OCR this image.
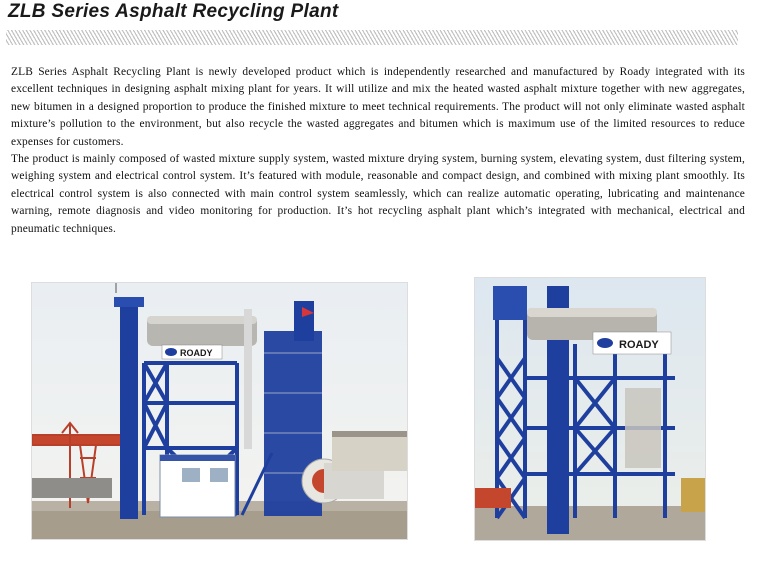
ZLB Series Asphalt Recycling Plant

ZLB Series Asphalt Recycling Plant is newly developed product which is independently researched and manufactured by Roady integrated with its excellent techniques in designing asphalt mixing plant for years. It will utilize and mix the heated wasted asphalt mixture together with new aggregates, new bitumen in a designed proportion to produce the finished mixture to meet technical requirements. The product will not only eliminate wasted asphalt mixture’s pollution to the environment, but also recycle the wasted aggregates and bitumen which is maximum use of the limited resources to reduce expenses for customers.

The product is mainly composed of wasted mixture supply system, wasted mixture drying system, burning system, elevating system, dust filtering system, weighing system and electrical control system. It’s featured with module, reasonable and compact design, and combined with mixing plant smoothly. Its electrical control system is also connected with main control system seamlessly, which can realize automatic operating, lubricating and maintenance warning, remote diagnosis and video monitoring for production. It’s hot recycling asphalt plant which’s integrated with mechanical, electrical and pneumatic techniques.

ROADY
ROADY
